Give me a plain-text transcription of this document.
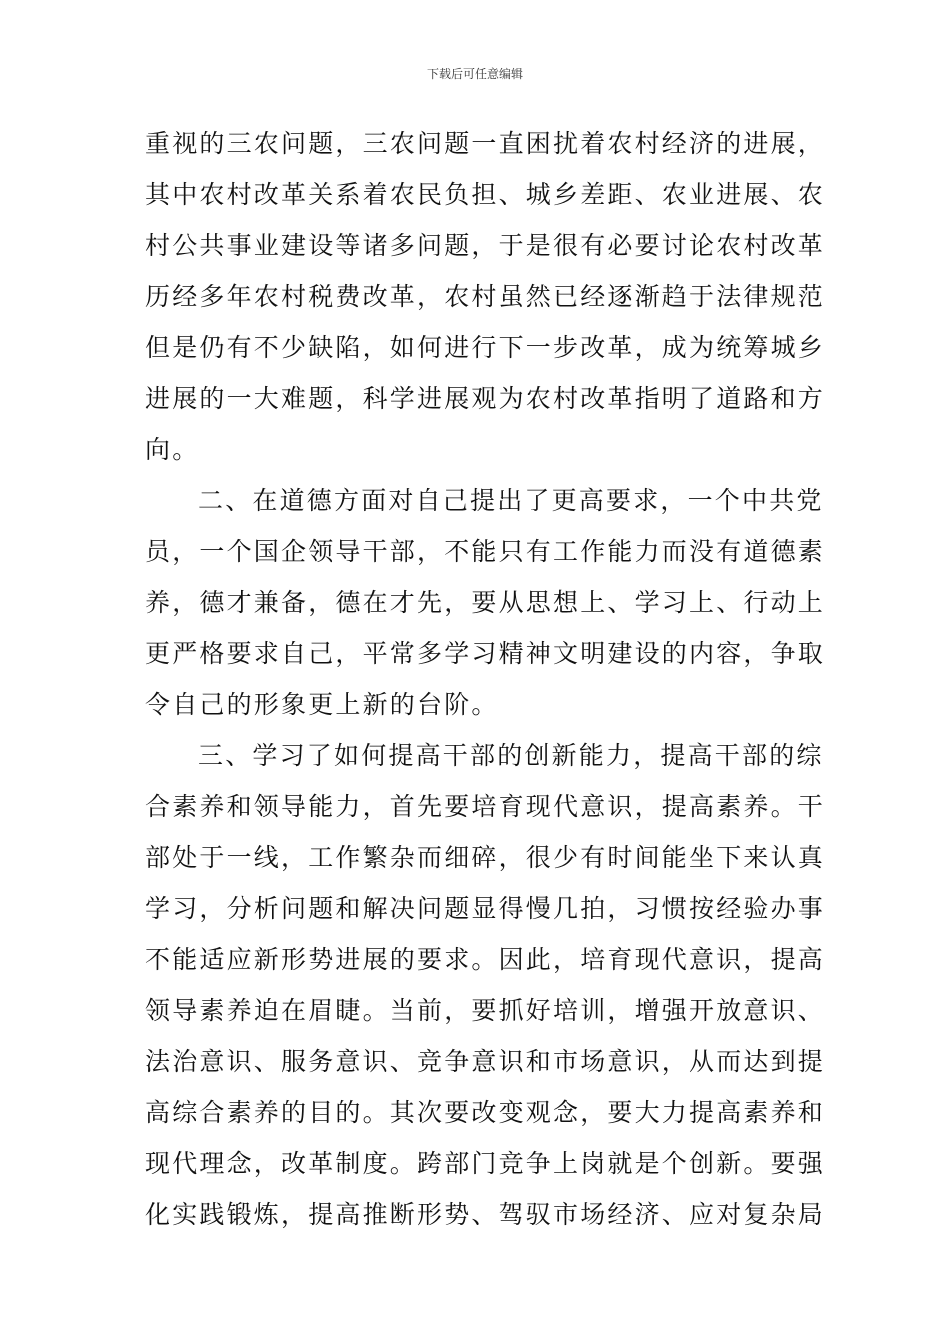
下载后可任意编辑
重视的三农问题，三农问题一直困扰着农村经济的进展，
其中农村改革关系着农民负担、城乡差距、农业进展、农
村公共事业建设等诸多问题，于是很有必要讨论农村改革
历经多年农村税费改革，农村虽然已经逐渐趋于法律规范
但是仍有不少缺陷，如何进行下一步改革，成为统筹城乡
进展的一大难题，科学进展观为农村改革指明了道路和方
向。
二、在道德方面对自己提出了更高要求，一个中共党
员，一个国企领导干部，不能只有工作能力而没有道德素
养，德才兼备，德在才先，要从思想上、学习上、行动上
更严格要求自己，平常多学习精神文明建设的内容，争取
令自己的形象更上新的台阶。
三、学习了如何提高干部的创新能力，提高干部的综
合素养和领导能力，首先要培育现代意识，提高素养。干
部处于一线，工作繁杂而细碎，很少有时间能坐下来认真
学习，分析问题和解决问题显得慢几拍，习惯按经验办事
不能适应新形势进展的要求。因此，培育现代意识，提高
领导素养迫在眉睫。当前，要抓好培训，增强开放意识、
法治意识、服务意识、竞争意识和市场意识，从而达到提
高综合素养的目的。其次要改变观念，要大力提高素养和
现代理念，改革制度。跨部门竞争上岗就是个创新。要强
化实践锻炼，提高推断形势、驾驭市场经济、应对复杂局
